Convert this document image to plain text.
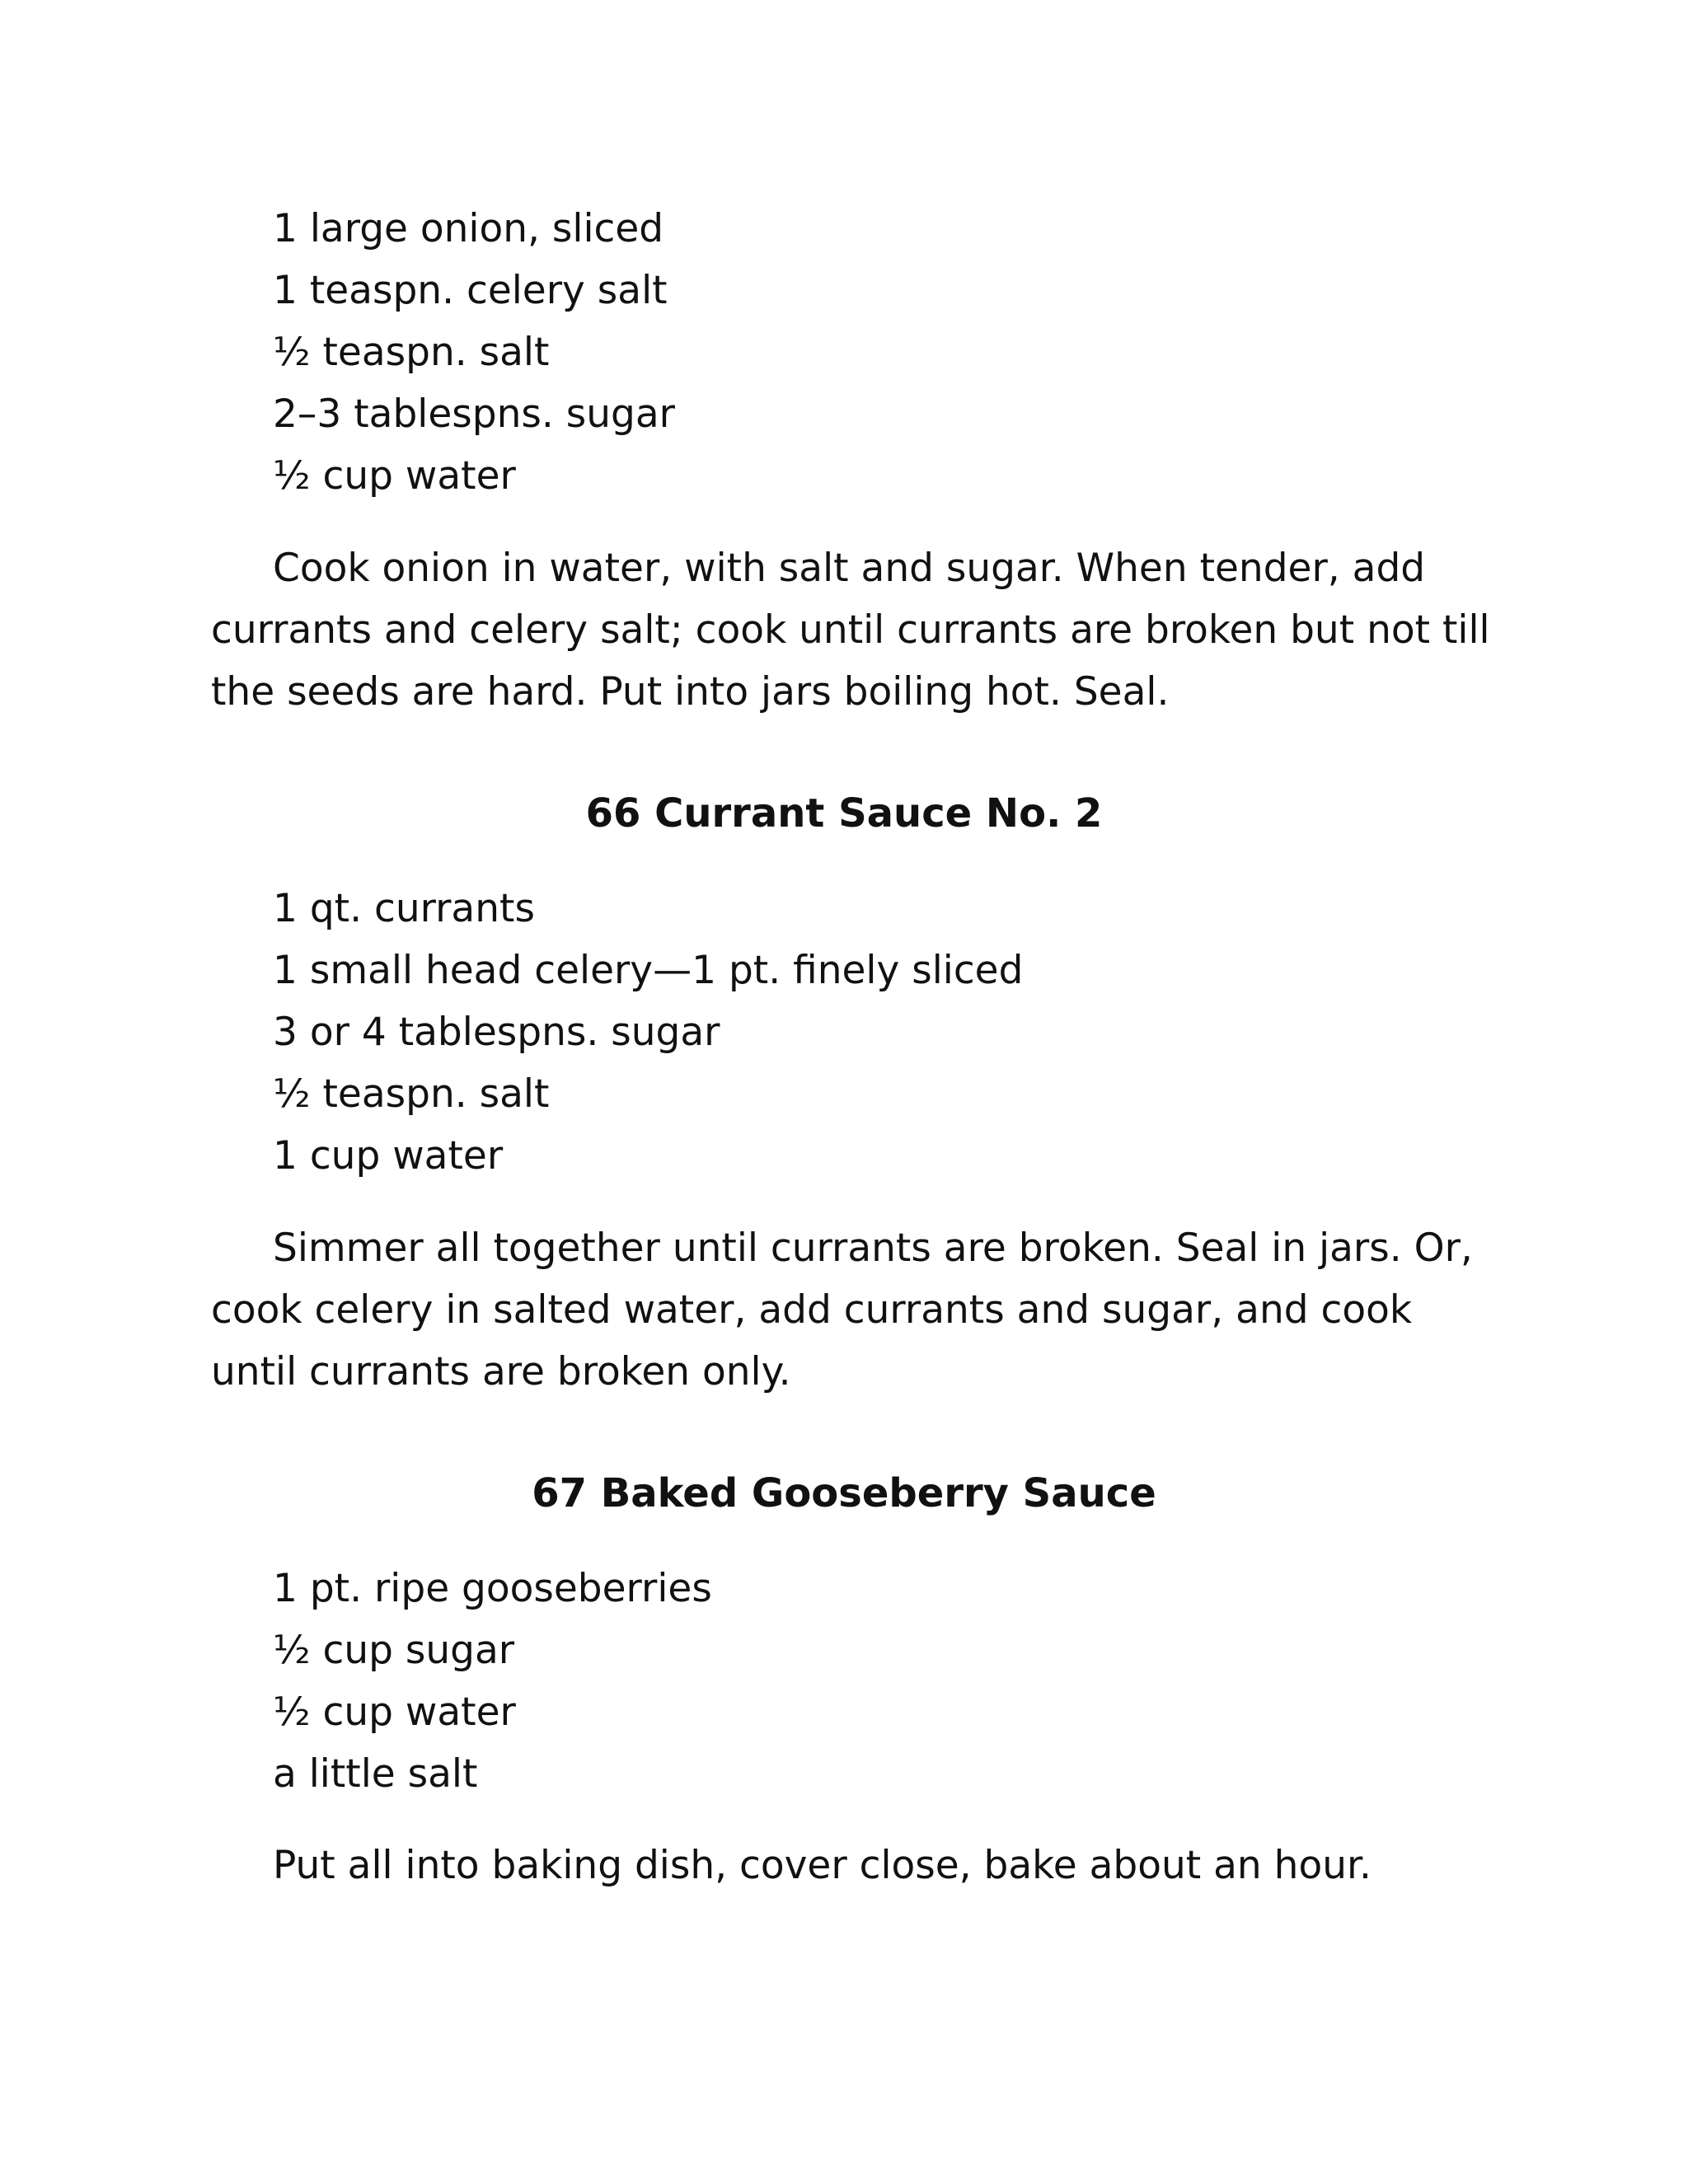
1 large onion, sliced

1 teaspn. celery salt

½ teaspn. salt

2–3 tablespns. sugar

½ cup water

Cook onion in water, with salt and sugar. When tender, add currants and celery salt; cook until currants are broken but not till the seeds are hard. Put into jars boiling hot. Seal.

66 Currant Sauce No. 2

1 qt. currants

1 small head celery—1 pt. finely sliced

3 or 4 tablespns. sugar

½ teaspn. salt

1 cup water

Simmer all together until currants are broken. Seal in jars. Or, cook celery in salted water, add currants and sugar, and cook until currants are broken only.

67 Baked Gooseberry Sauce

1 pt. ripe gooseberries

½ cup sugar

½ cup water

a little salt

Put all into baking dish, cover close, bake about an hour.
